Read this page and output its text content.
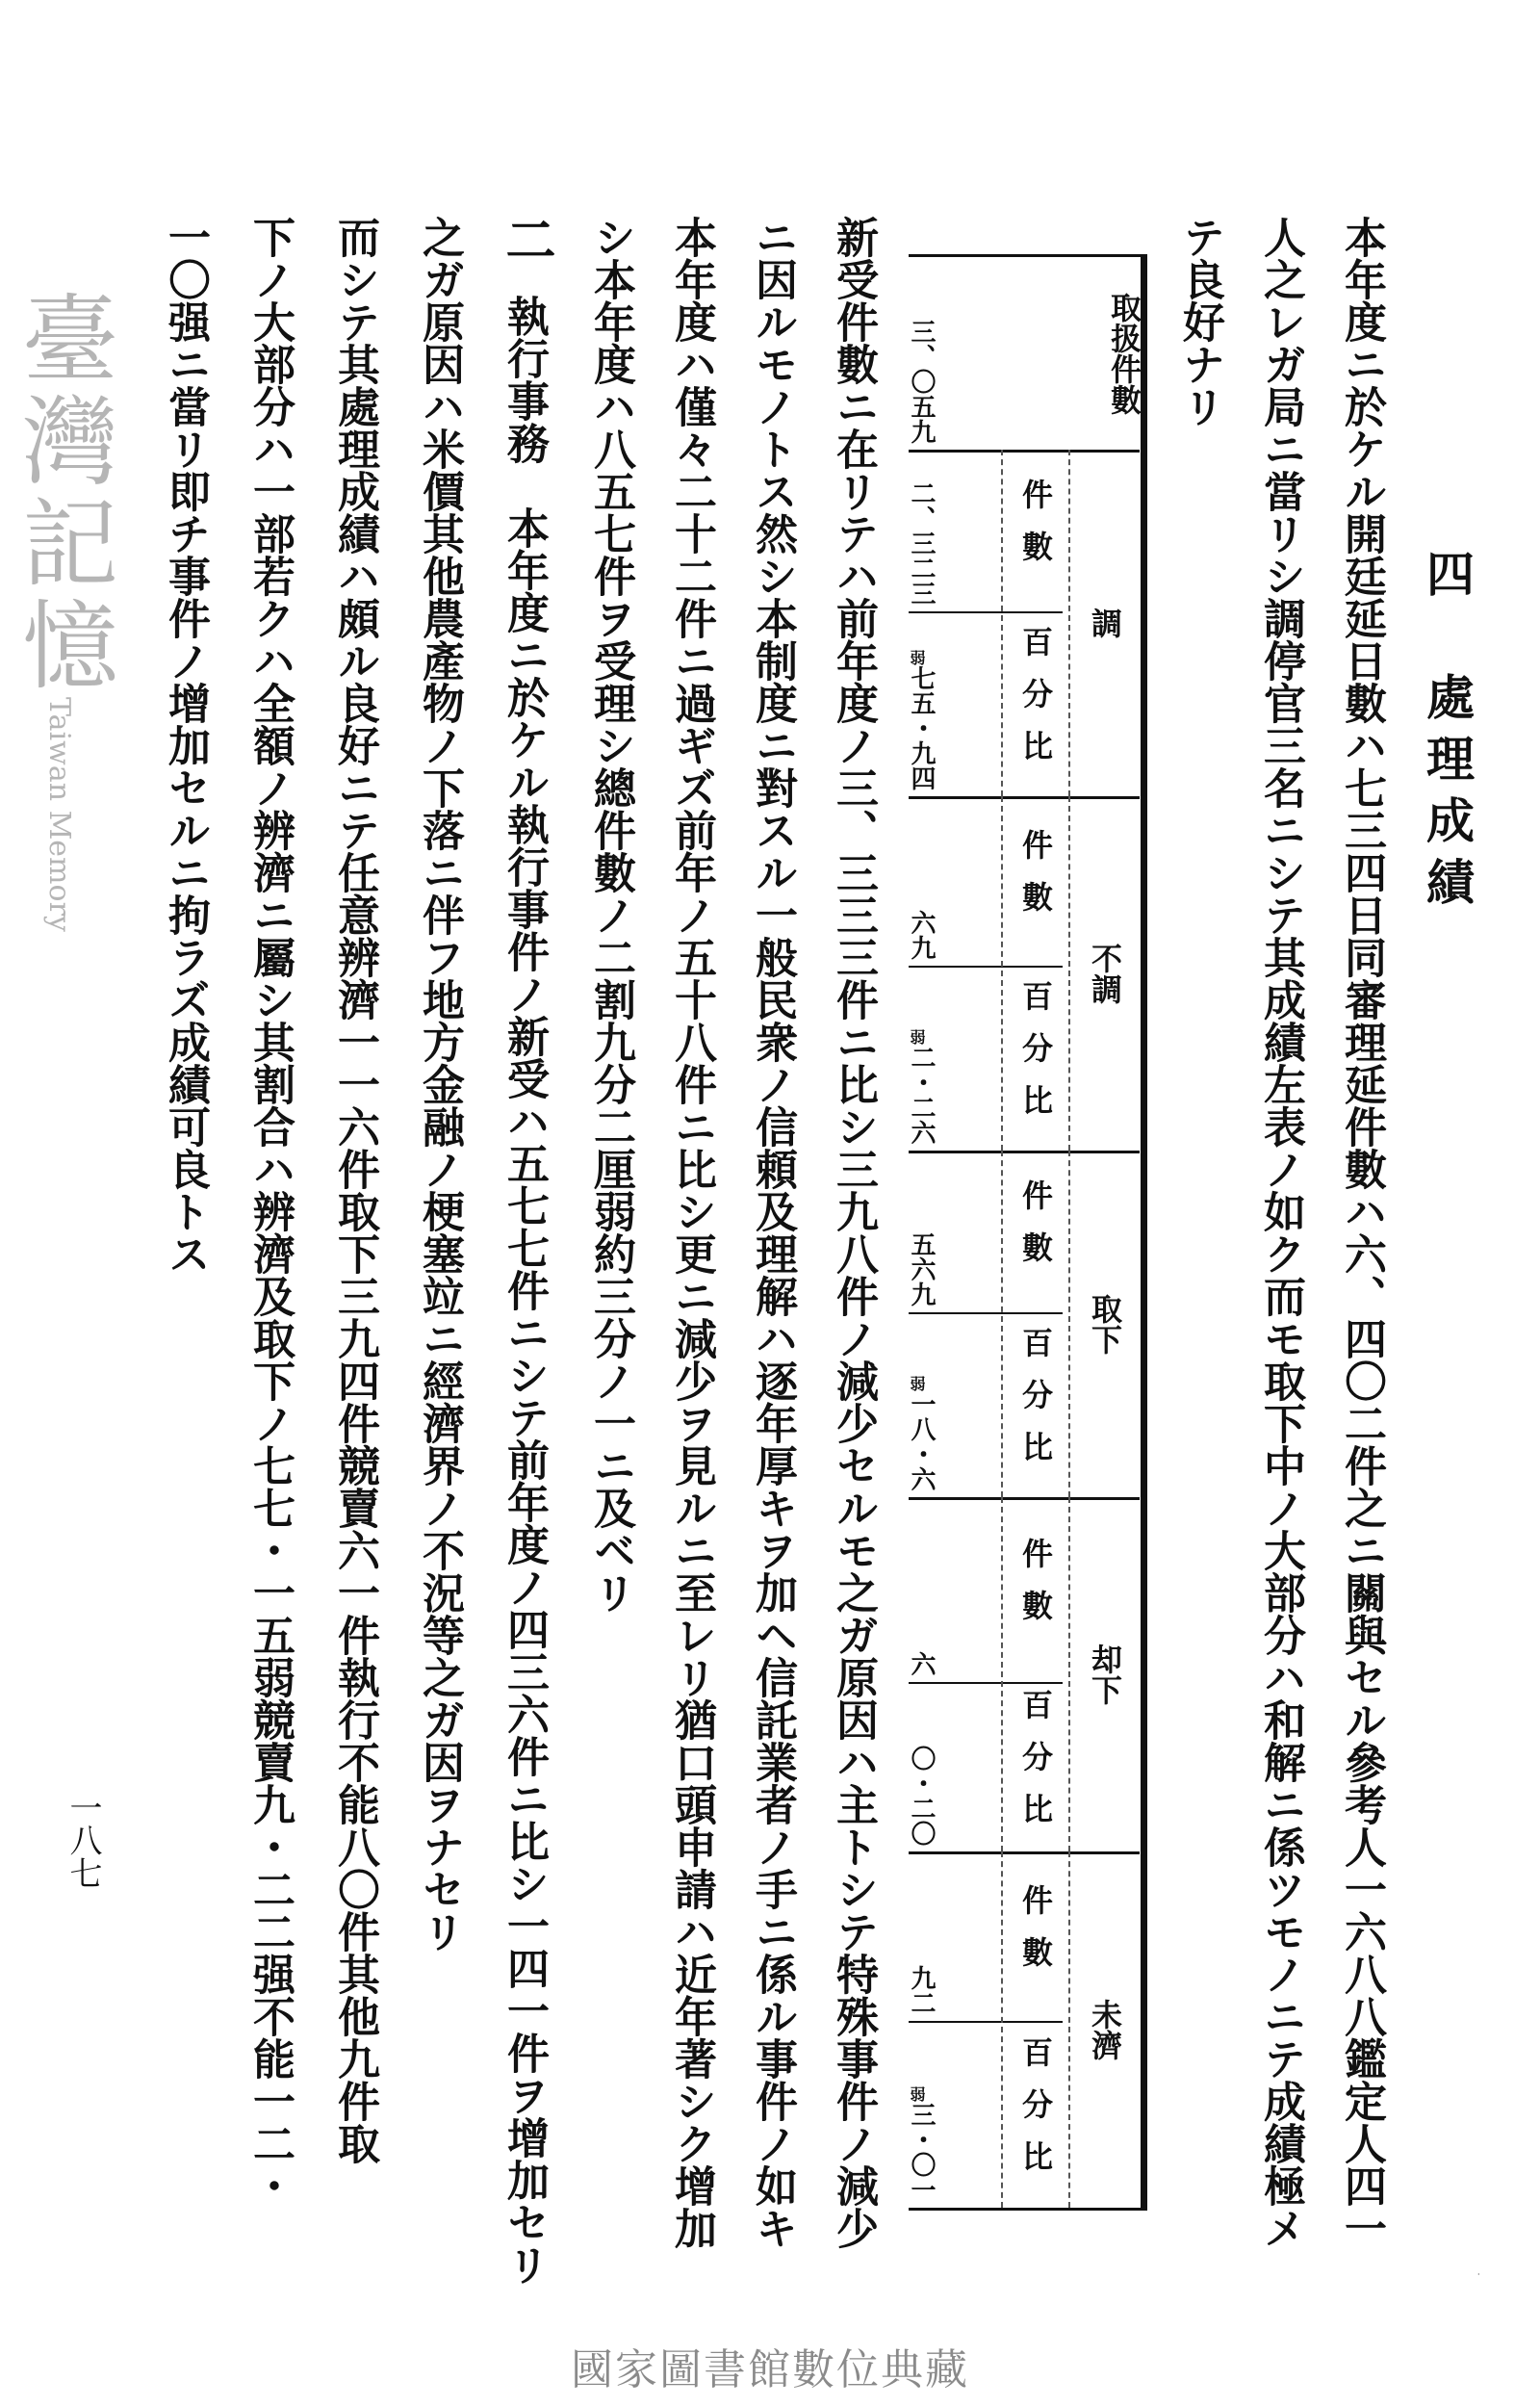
四　處理成績
本年度ニ於ケル開廷延日數ハ七三四日同審理延件數ハ六、四〇二件之ニ關與セル參考人一六八八鑑定人四一
人之レガ局ニ當リシ調停官三名ニシテ其成績左表ノ如ク而モ取下中ノ大部分ハ和解ニ係ツモノニテ成績極メ
テ良好ナリ
取扱件數
三、〇五九
調
件數
百分比
二、三二三
弱
七五・九四
不調
件數
百分比
六九
弱
二・二六
取下
件數
百分比
五六九
弱
一八・六
却下
件數
百分比
六
〇・二〇
未濟
件數
百分比
九二
弱
三・〇一
新受件數ニ在リテハ前年度ノ三、三三三件ニ比シ三九八件ノ減少セルモ之ガ原因ハ主トシテ特殊事件ノ減少
ニ因ルモノトス然シ本制度ニ對スル一般民衆ノ信頼及理解ハ逐年厚キヲ加ヘ信託業者ノ手ニ係ル事件ノ如キ
本年度ハ僅々二十二件ニ過ギズ前年ノ五十八件ニ比シ更ニ減少ヲ見ルニ至レリ猶口頭申請ハ近年著シク增加
シ本年度ハ八五七件ヲ受理シ總件數ノ二割九分二厘弱約三分ノ一ニ及ベリ
二
執行事務　本年度ニ於ケル執行事件ノ新受ハ五七七件ニシテ前年度ノ四三六件ニ比シ一四一件ヲ增加セリ
之ガ原因ハ米價其他農產物ノ下落ニ伴フ地方金融ノ梗塞竝ニ經濟界ノ不況等之ガ因ヲナセリ
而シテ其處理成績ハ頗ル良好ニテ任意辨濟一一六件取下三九四件競賣六一件執行不能八〇件其他九件取
下ノ大部分ハ一部若クハ全額ノ辨濟ニ屬シ其割合ハ辨濟及取下ノ七七・一五弱競賣九・二二强不能一二・
一〇强ニ當リ即チ事件ノ增加セルニ拘ラズ成績可良トス
一八七
臺灣記憶
Taiwan Memory
·
國家圖書館數位典藏
